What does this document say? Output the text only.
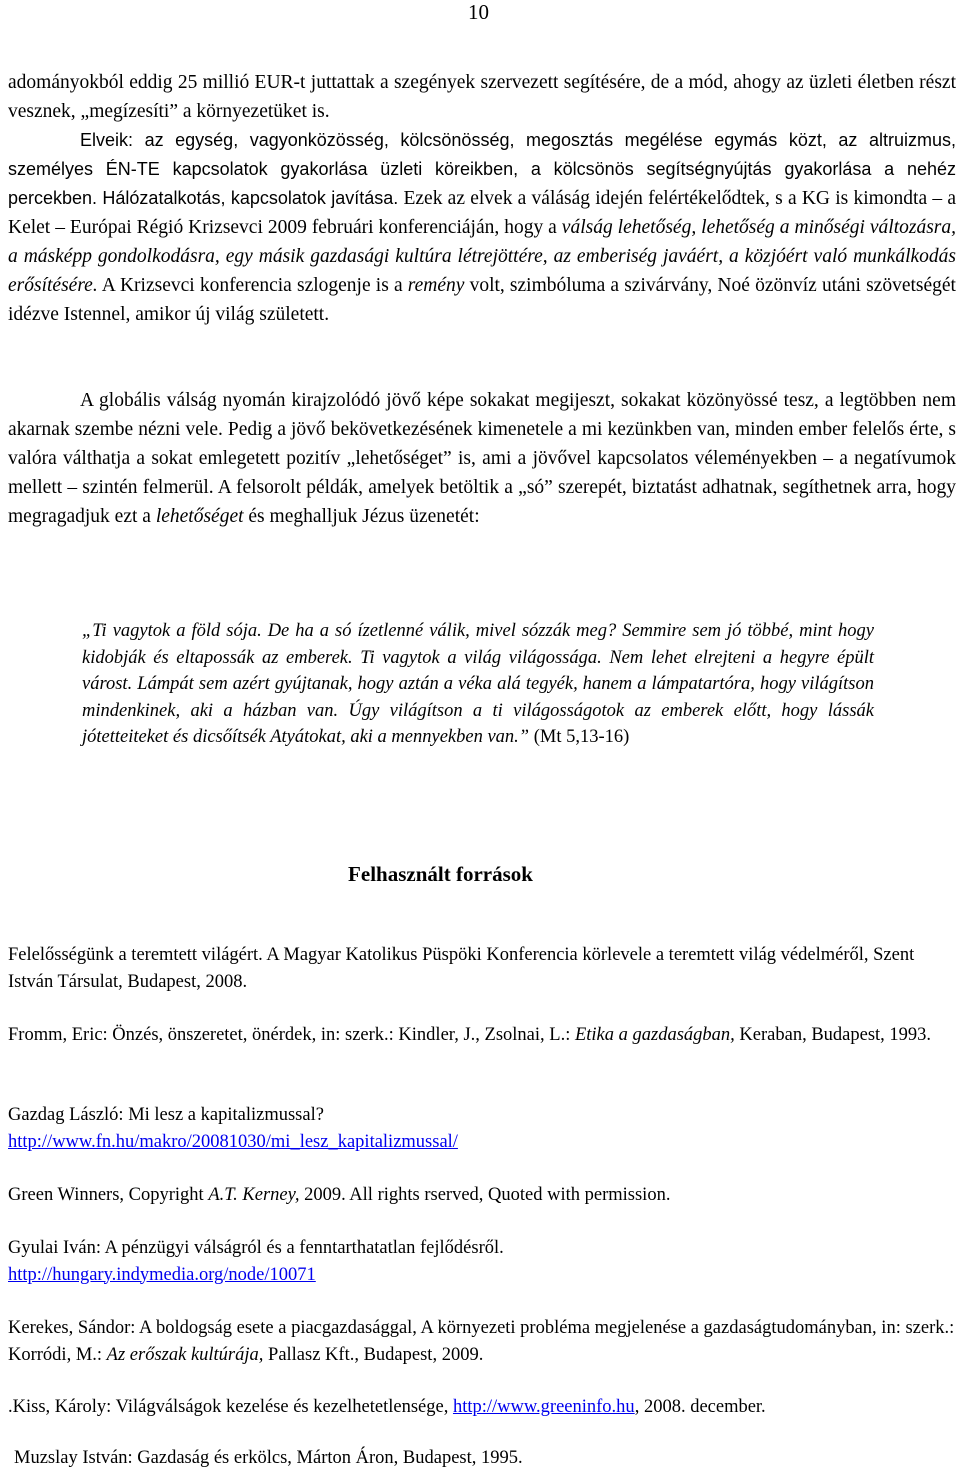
10

adományokból eddig 25 millió EUR-t juttattak a szegények szervezett segítésére, de a mód, ahogy az üzleti életben részt vesznek, „megízesíti” a környezetüket is.

Elveik: az egység, vagyonközösség, kölcsönösség, megosztás megélése egymás közt, az altruizmus, személyes ÉN-TE kapcsolatok gyakorlása üzleti köreikben, a kölcsönös segítségnyújtás gyakorlása a nehéz percekben. Hálózatalkotás, kapcsolatok javítása. Ezek az elvek a váláság idején felértékelődtek, s a KG is kimondta – a Kelet – Európai Régió Krizsevci 2009 februári konferenciáján, hogy a válság lehetőség, lehetőség a minőségi változásra, a másképp gondolkodásra, egy másik gazdasági kultúra létrejöttére, az emberiség javáért, a közjóért való munkálkodás erősítésére. A Krizsevci konferencia szlogenje is a remény volt, szimbóluma a szivárvány, Noé özönvíz utáni szövetségét idézve Istennel, amikor új világ született.

A globális válság nyomán kirajzolódó jövő képe sokakat megijeszt, sokakat közönyössé tesz, a legtöbben nem akarnak szembe nézni vele. Pedig a jövő bekövetkezésének kimenetele a mi kezünkben van, minden ember felelős érte, s valóra válthatja a sokat emlegetett pozitív „lehetőséget” is, ami a jövővel kapcsolatos véleményekben – a negatívumok mellett – szintén felmerül. A felsorolt példák, amelyek betöltik a „só” szerepét, biztatást adhatnak, segíthetnek arra, hogy megragadjuk ezt a lehetőséget és meghalljuk Jézus üzenetét:

„Ti vagytok a föld sója. De ha a só ízetlenné válik, mivel sózzák meg? Semmire sem jó többé, mint hogy kidobják és eltapossák az emberek. Ti vagytok a világ világossága. Nem lehet elrejteni a hegyre épült várost. Lámpát sem azért gyújtanak, hogy aztán a véka alá tegyék, hanem a lámpatartóra, hogy világítson mindenkinek, aki a házban van. Úgy világítson a ti világosságotok az emberek előtt, hogy lássák jótetteiteket és dicsőítsék Atyátokat, aki a mennyekben van.” (Mt 5,13-16)

Felhasznált források

Felelősségünk a teremtett világért. A Magyar Katolikus Püspöki Konferencia körlevele a teremtett világ védelméről, Szent István Társulat, Budapest, 2008.

Fromm, Eric: Önzés, önszeretet, önérdek, in: szerk.: Kindler, J., Zsolnai, L.: Etika a gazdaságban, Keraban, Budapest, 1993.

Gazdag László: Mi lesz a kapitalizmussal?
http://www.fn.hu/makro/20081030/mi_lesz_kapitalizmussal/

Green Winners, Copyright A.T. Kerney, 2009. All rights rserved, Quoted with permission.

Gyulai Iván: A pénzügyi válságról és a fenntarthatatlan fejlődésről.
http://hungary.indymedia.org/node/10071

Kerekes, Sándor: A boldogság esete a piacgazdasággal, A környezeti probléma megjelenése a gazdaságtudományban, in: szerk.: Korródi, M.: Az erőszak kultúrája, Pallasz Kft., Budapest, 2009.

.Kiss, Károly: Világválságok kezelése és kezelhetetlensége, http://www.greeninfo.hu, 2008. december.

Muzslay István: Gazdaság és erkölcs, Márton Áron, Budapest, 1995.
